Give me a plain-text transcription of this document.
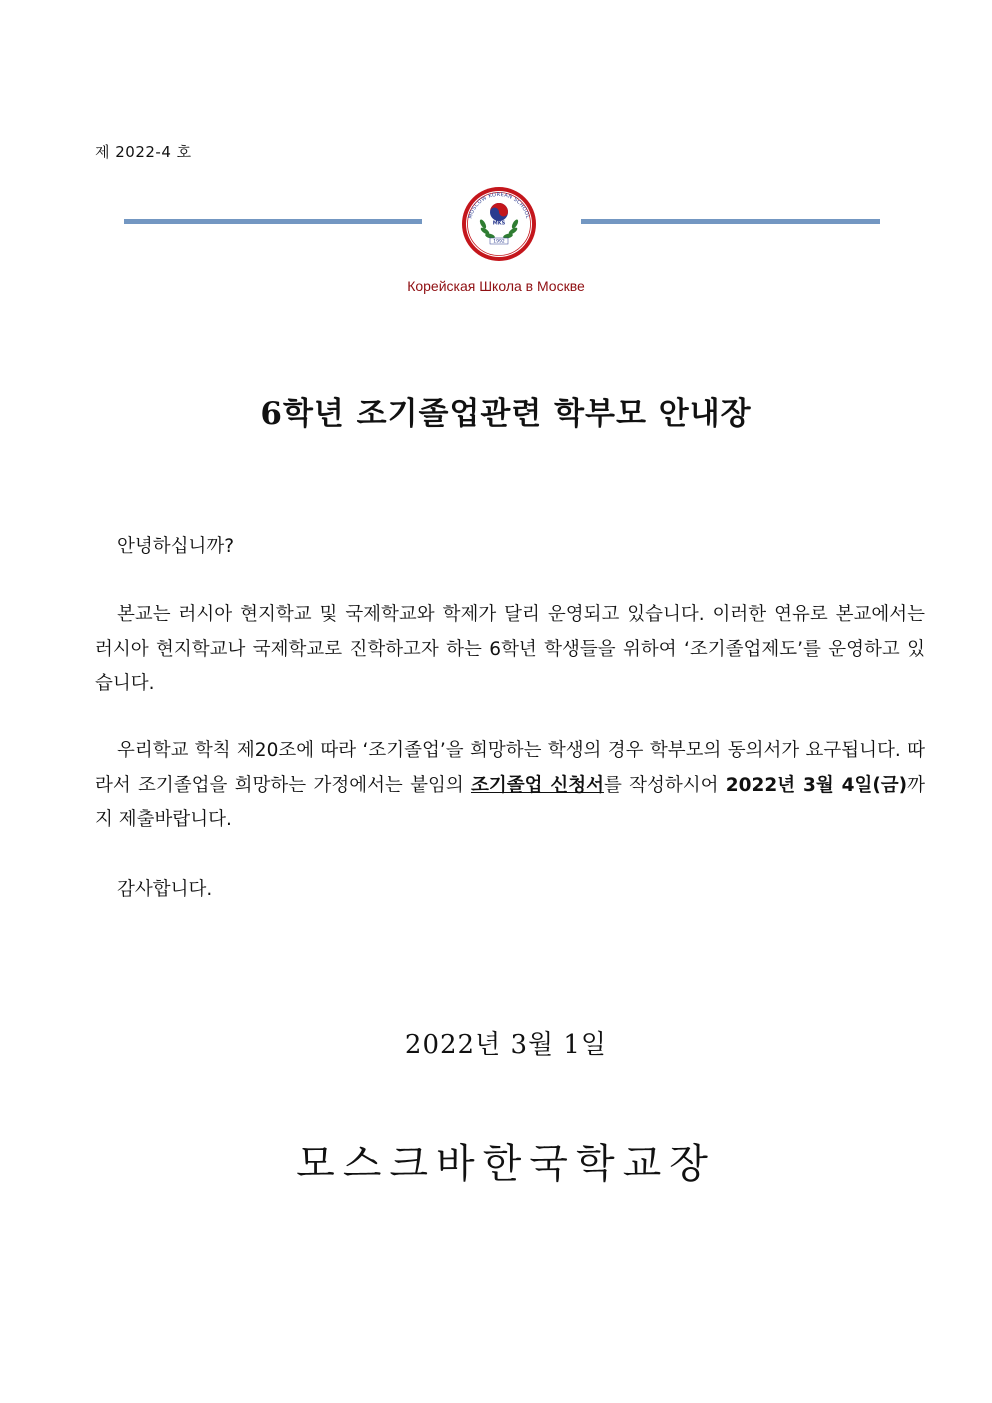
제 2022-4 호
MOSCOW KOREAN SCHOOL
MKS
1992
모스크바한국학교
Корейская Школа в Москве
6학년 조기졸업관련 학부모 안내장

안녕하십니까?

본교는 러시아 현지학교 및 국제학교와 학제가 달리 운영되고 있습니다. 이러한 연유로 본교에서는 러시아 현지학교나 국제학교로 진학하고자 하는 6학년 학생들을 위하여 ‘조기졸업제도’를 운영하고 있습니다.

우리학교 학칙 제20조에 따라 ‘조기졸업’을 희망하는 학생의 경우 학부모의 동의서가 요구됩니다. 따라서 조기졸업을 희망하는 가정에서는 붙임의 조기졸업 신청서를 작성하시어 2022년 3월 4일(금)까지 제출바랍니다.

감사합니다.

2022년 3월 1일
모스크바한국학교장
